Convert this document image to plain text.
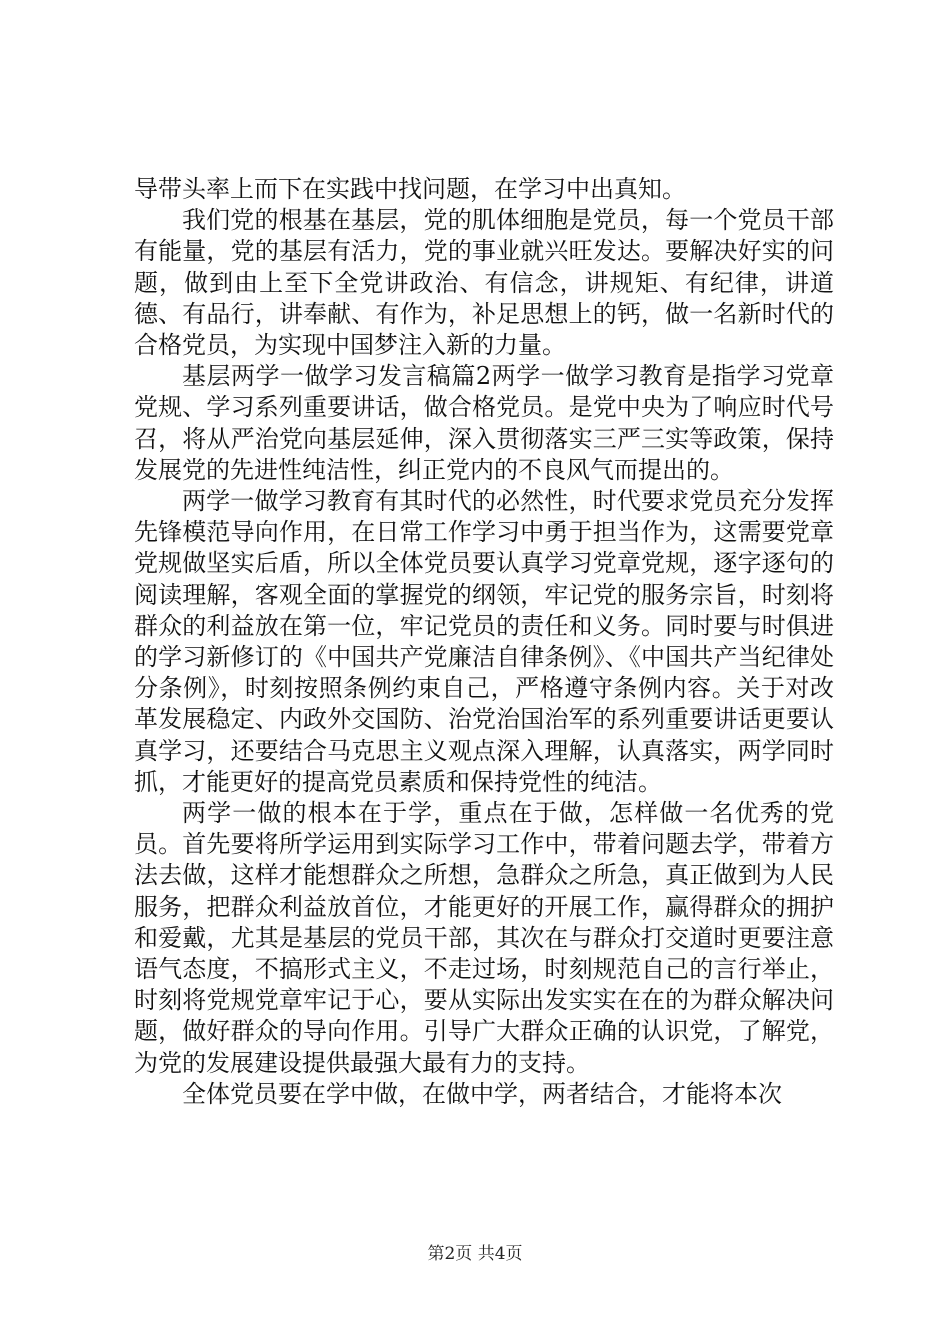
导带头率上而下在实践中找问题，在学习中出真知。

我们党的根基在基层，党的肌体细胞是党员，每一个党员干部有能量，党的基层有活力，党的事业就兴旺发达。要解决好实的问题，做到由上至下全党讲政治、有信念，讲规矩、有纪律，讲道德、有品行，讲奉献、有作为，补足思想上的钙，做一名新时代的合格党员，为实现中国梦注入新的力量。

基层两学一做学习发言稿篇2两学一做学习教育是指学习党章党规、学习系列重要讲话，做合格党员。是党中央为了响应时代号召，将从严治党向基层延伸，深入贯彻落实三严三实等政策，保持发展党的先进性纯洁性，纠正党内的不良风气而提出的。

两学一做学习教育有其时代的必然性，时代要求党员充分发挥先锋模范导向作用，在日常工作学习中勇于担当作为，这需要党章党规做坚实后盾，所以全体党员要认真学习党章党规，逐字逐句的阅读理解，客观全面的掌握党的纲领，牢记党的服务宗旨，时刻将群众的利益放在第一位，牢记党员的责任和义务。同时要与时俱进的学习新修订的《中国共产党廉洁自律条例》、《中国共产当纪律处分条例》，时刻按照条例约束自己，严格遵守条例内容。关于对改革发展稳定、内政外交国防、治党治国治军的系列重要讲话更要认真学习，还要结合马克思主义观点深入理解，认真落实，两学同时抓，才能更好的提高党员素质和保持党性的纯洁。

两学一做的根本在于学，重点在于做，怎样做一名优秀的党员。首先要将所学运用到实际学习工作中，带着问题去学，带着方法去做，这样才能想群众之所想，急群众之所急，真正做到为人民服务，把群众利益放首位，才能更好的开展工作，赢得群众的拥护和爱戴，尤其是基层的党员干部，其次在与群众打交道时更要注意语气态度，不搞形式主义，不走过场，时刻规范自己的言行举止，时刻将党规党章牢记于心，要从实际出发实实在在的为群众解决问题，做好群众的导向作用。引导广大群众正确的认识党，了解党，为党的发展建设提供最强大最有力的支持。

全体党员要在学中做，在做中学，两者结合，才能将本次

第2页 共4页
